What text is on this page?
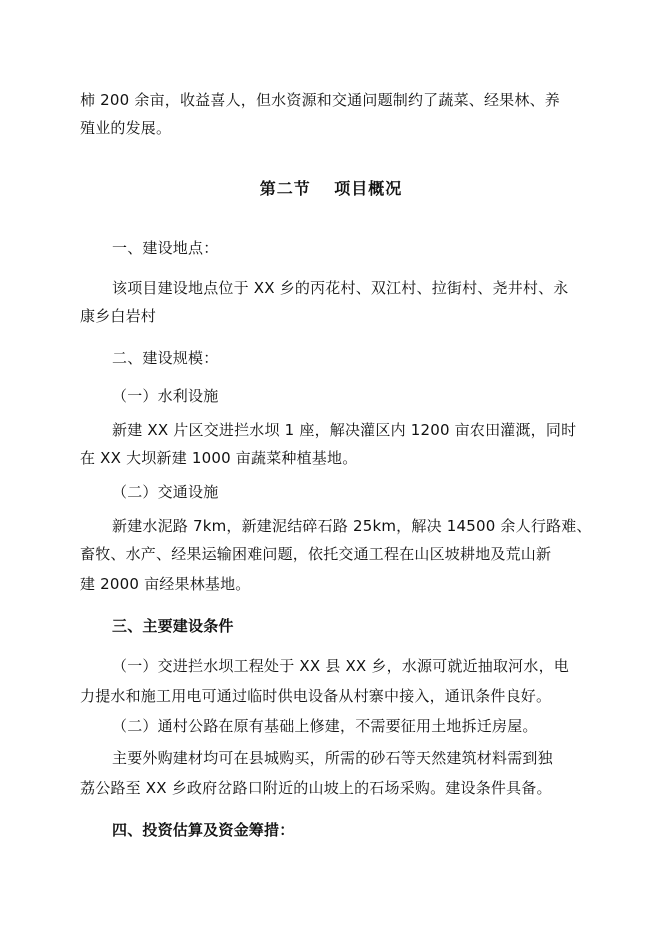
柿 200 余亩，收益喜人，但水资源和交通问题制约了蔬菜、经果林、养
殖业的发展。
第二节　 项目概况
一、建设地点：
该项目建设地点位于 XX 乡的丙花村、双江村、拉街村、尧井村、永
康乡白岩村
二、建设规模：
（一）水利设施
新建 XX 片区交进拦水坝 1 座，解决灌区内 1200 亩农田灌溉，同时
在 XX 大坝新建 1000 亩蔬菜种植基地。
（二）交通设施
新建水泥路 7km，新建泥结碎石路 25km，解决 14500 余人行路难、
畜牧、水产、经果运输困难问题，依托交通工程在山区坡耕地及荒山新
建 2000 亩经果林基地。
三、主要建设条件
（一）交进拦水坝工程处于 XX 县 XX 乡，水源可就近抽取河水，电
力提水和施工用电可通过临时供电设备从村寨中接入，通讯条件良好。
（二）通村公路在原有基础上修建，不需要征用土地拆迁房屋。
主要外购建材均可在县城购买，所需的砂石等天然建筑材料需到独
荔公路至 XX 乡政府岔路口附近的山坡上的石场采购。建设条件具备。
四、投资估算及资金筹措：
